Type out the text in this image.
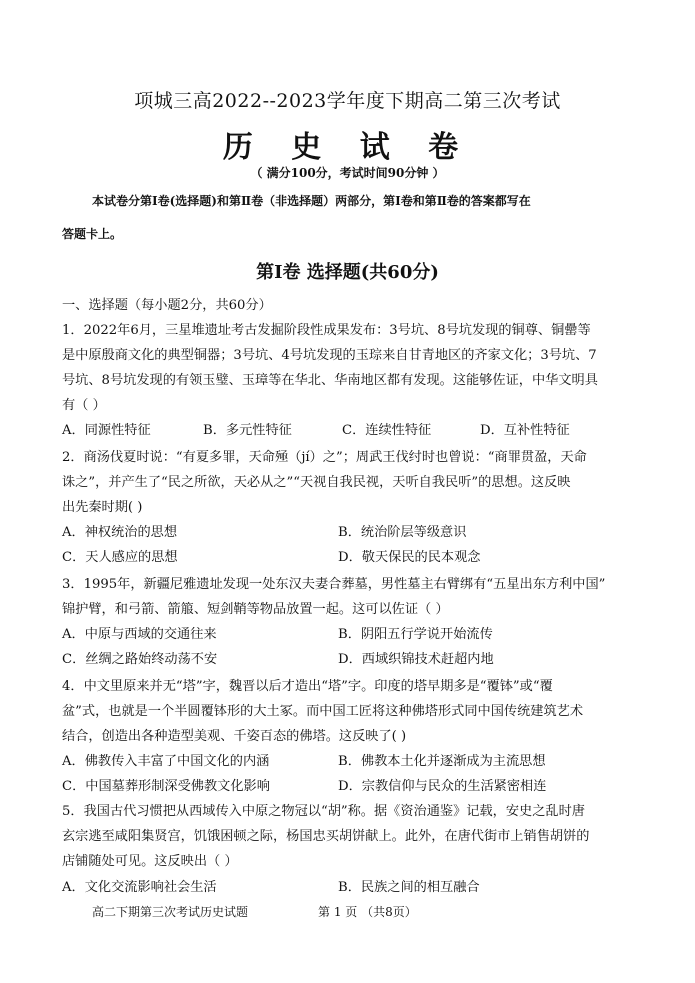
项城三高2022--2023学年度下期高二第三次考试
历 史 试 卷
（ 满分100分，考试时间90分钟 ）
本试卷分第Ⅰ卷(选择题)和第Ⅱ卷（非选择题）两部分，第Ⅰ卷和第Ⅱ卷的答案都写在
答题卡上。
第Ⅰ卷 选择题(共60分)
一、选择题（每小题2分，共60分）
1．2022年6月，三星堆遗址考古发掘阶段性成果发布：3号坑、8号坑发现的铜尊、铜罍等
是中原殷商文化的典型铜器；3号坑、4号坑发现的玉琮来自甘青地区的齐家文化；3号坑、7
号坑、8号坑发现的有领玉璧、玉璋等在华北、华南地区都有发现。这能够佐证，中华文明具
有（ ）
A．同源性特征	B．多元性特征	C．连续性特征	D．互补性特征
2．商汤伐夏时说：“有夏多罪，天命殛（jí）之”；周武王伐纣时也曾说：“商罪贯盈，天命
诛之”，并产生了“民之所欲，天必从之”“天视自我民视，天听自我民听”的思想。这反映
出先秦时期( )
A．神权统治的思想	B．统治阶层等级意识
C．天人感应的思想	D．敬天保民的民本观念
3．1995年，新疆尼雅遗址发现一处东汉夫妻合葬墓，男性墓主右臂绑有“五星出东方利中国”
锦护臂，和弓箭、箭箙、短剑鞘等物品放置一起。这可以佐证（ ）
A．中原与西域的交通往来	B．阴阳五行学说开始流传
C．丝绸之路始终动荡不安	D．西域织锦技术赶超内地
4．中文里原来并无“塔”字，魏晋以后才造出“塔”字。印度的塔早期多是“覆钵”或“覆
盆”式，也就是一个半圆覆钵形的大土冢。而中国工匠将这种佛塔形式同中国传统建筑艺术
结合，创造出各种造型美观、千姿百态的佛塔。这反映了( )
A．佛教传入丰富了中国文化的内涵	B．佛教本土化并逐渐成为主流思想
C．中国墓葬形制深受佛教文化影响	D．宗教信仰与民众的生活紧密相连
5．我国古代习惯把从西域传入中原之物冠以“胡”称。据《资治通鉴》记载，安史之乱时唐
玄宗逃至咸阳集贤宫，饥饿困顿之际，杨国忠买胡饼献上。此外，在唐代街市上销售胡饼的
店铺随处可见。这反映出（ ）
A．文化交流影响社会生活	B．民族之间的相互融合
高二下期第三次考试历史试题	第 1 页 （共8页）
